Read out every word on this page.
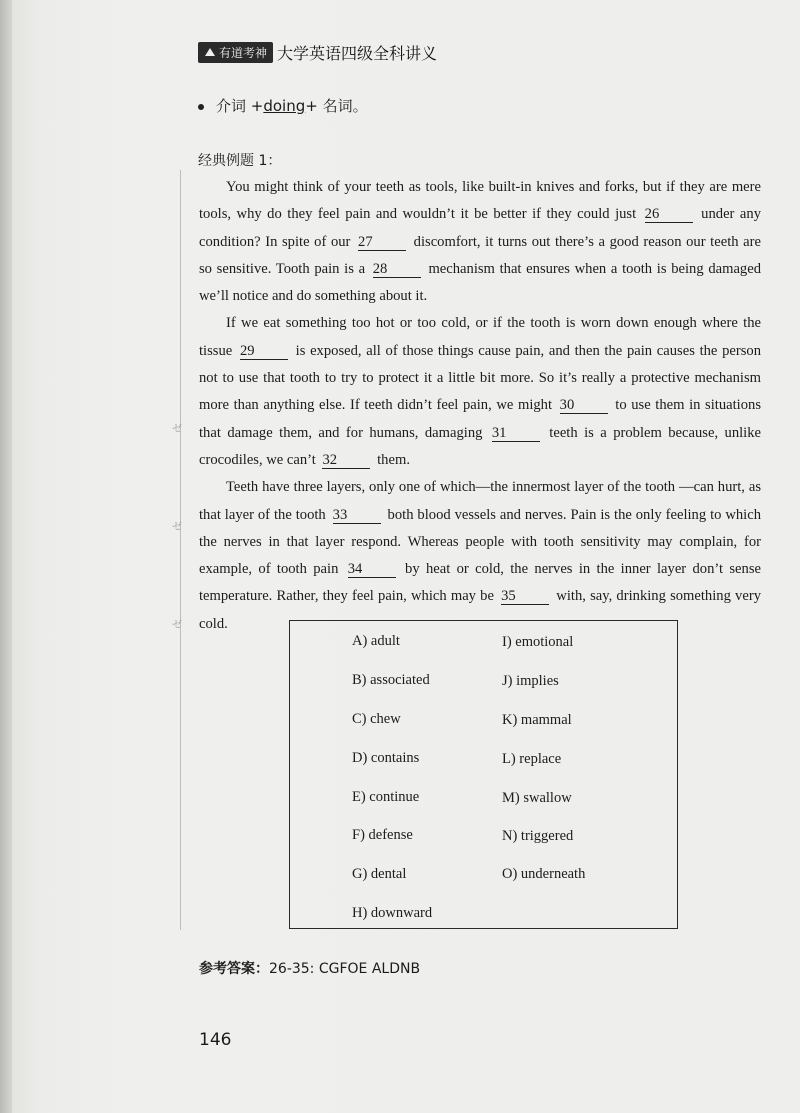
有道考神 大学英语四级全科讲义
介词 +doing+ 名词。
经典例题 1：
ゼ
ゼ
ゼ

You might think of your teeth as tools, like built-in knives and forks, but if they are mere tools, why do they feel pain and wouldn’t it be better if they could just 26 under any condition? In spite of our 27 discomfort, it turns out there’s a good reason our teeth are so sensitive. Tooth pain is a 28 mechanism that ensures when a tooth is being damaged we’ll notice and do something about it.

If we eat something too hot or too cold, or if the tooth is worn down enough where the tissue 29 is exposed, all of those things cause pain, and then the pain causes the person not to use that tooth to try to protect it a little bit more. So it’s really a protective mechanism more than anything else. If teeth didn’t feel pain, we might 30 to use them in situations that damage them, and for humans, damaging 31 teeth is a problem because, unlike crocodiles, we can’t 32 them.

Teeth have three layers, only one of which—the innermost layer of the tooth —can hurt, as that layer of the tooth 33 both blood vessels and nerves. Pain is the only feeling to which the nerves in that layer respond. Whereas people with tooth sensitivity may complain, for example, of tooth pain 34 by heat or cold, the nerves in the inner layer don’t sense temperature. Rather, they feel pain, which may be 35 with, say, drinking something very cold.

A) adult
B) associated
C) chew
D) contains
E) continue
F) defense
G) dental
H) downward
I) emotional
J) implies
K) mammal
L) replace
M) swallow
N) triggered
O) underneath
参考答案：26-35: CGFOE ALDNB
146
